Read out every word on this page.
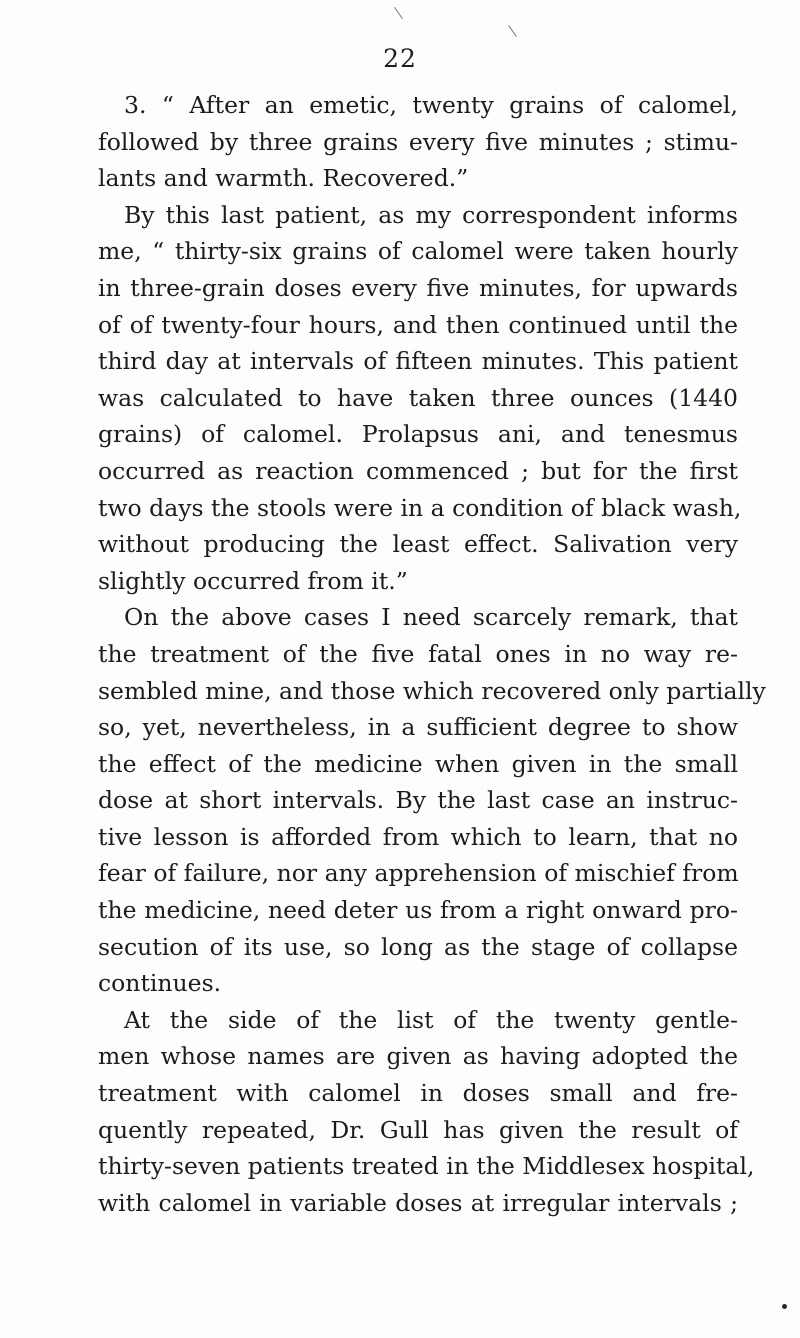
22
3. “ After an emetic, twenty grains of calomel,
followed by three grains every five minutes ; stimu-
lants and warmth. Recovered.”
By this last patient, as my correspondent informs
me, “ thirty-six grains of calomel were taken hourly
in three-grain doses every five minutes, for upwards
of of twenty-four hours, and then continued until the
third day at intervals of fifteen minutes. This patient
was calculated to have taken three ounces (1440
grains) of calomel. Prolapsus ani, and tenesmus
occurred as reaction commenced ; but for the first
two days the stools were in a condition of black wash,
without producing the least effect. Salivation very
slightly occurred from it.”
On the above cases I need scarcely remark, that
the treatment of the five fatal ones in no way re-
sembled mine, and those which recovered only partially
so, yet, nevertheless, in a sufficient degree to show
the effect of the medicine when given in the small
dose at short intervals. By the last case an instruc-
tive lesson is afforded from which to learn, that no
fear of failure, nor any apprehension of mischief from
the medicine, need deter us from a right onward pro-
secution of its use, so long as the stage of collapse
continues.
At the side of the list of the twenty gentle-
men whose names are given as having adopted the
treatment with calomel in doses small and fre-
quently repeated, Dr. Gull has given the result of
thirty-seven patients treated in the Middlesex hospital,
with calomel in variable doses at irregular intervals ;
